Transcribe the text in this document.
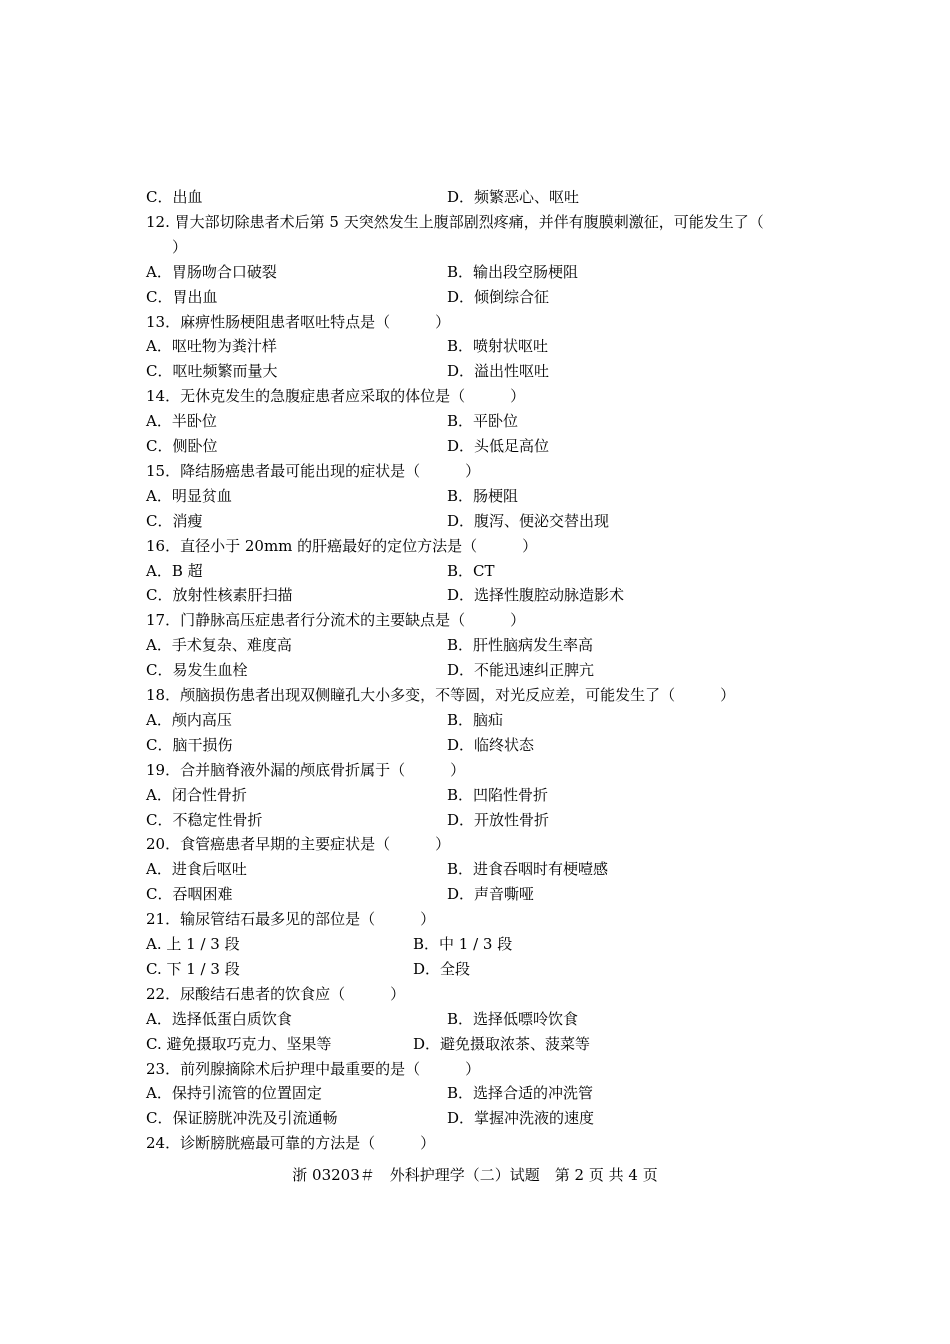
C．出血	D．频繁恶心、呕吐
12. 胃大部切除患者术后第 5 天突然发生上腹部剧烈疼痛，并伴有腹膜刺激征，可能发生了（
）
A．胃肠吻合口破裂	B．输出段空肠梗阻
C．胃出血	D．倾倒综合征
13．麻痹性肠梗阻患者呕吐特点是（　　　）
A．呕吐物为粪汁样	B．喷射状呕吐
C．呕吐频繁而量大	D．溢出性呕吐
14．无休克发生的急腹症患者应采取的体位是（　　　）
A．半卧位	B．平卧位
C．侧卧位	D．头低足高位
15．降结肠癌患者最可能出现的症状是（　　　）
A．明显贫血	B．肠梗阻
C．消瘦	D．腹泻、便泌交替出现
16．直径小于 20mm 的肝癌最好的定位方法是（　　　）
A．B 超	B．CT
C．放射性核素肝扫描	D．选择性腹腔动脉造影术
17．门静脉高压症患者行分流术的主要缺点是（　　　）
A．手术复杂、难度高	B．肝性脑病发生率高
C．易发生血栓	D．不能迅速纠正脾亢
18．颅脑损伤患者出现双侧瞳孔大小多变，不等圆，对光反应差，可能发生了（　　　）
A．颅内高压	B．脑疝
C．脑干损伤	D．临终状态
19．合并脑脊液外漏的颅底骨折属于（　　　）
A．闭合性骨折	B．凹陷性骨折
C．不稳定性骨折	D．开放性骨折
20．食管癌患者早期的主要症状是（　　　）
A．进食后呕吐	B．进食吞咽时有梗噎感
C．吞咽困难	D．声音嘶哑
21．输尿管结石最多见的部位是（　　　）
A. 上 1 / 3 段	B．中 1 / 3 段
C. 下 1 / 3 段	D．全段
22．尿酸结石患者的饮食应（　　　）
A．选择低蛋白质饮食	B．选择低嘌呤饮食
C. 避免摄取巧克力、坚果等	D．避免摄取浓茶、菠菜等
23．前列腺摘除术后护理中最重要的是（　　　）
A．保持引流管的位置固定	B．选择合适的冲洗管
C．保证膀胱冲洗及引流通畅	D．掌握冲洗液的速度
24．诊断膀胱癌最可靠的方法是（　　　）
浙 03203＃　外科护理学（二）试题　第 2 页 共 4 页
